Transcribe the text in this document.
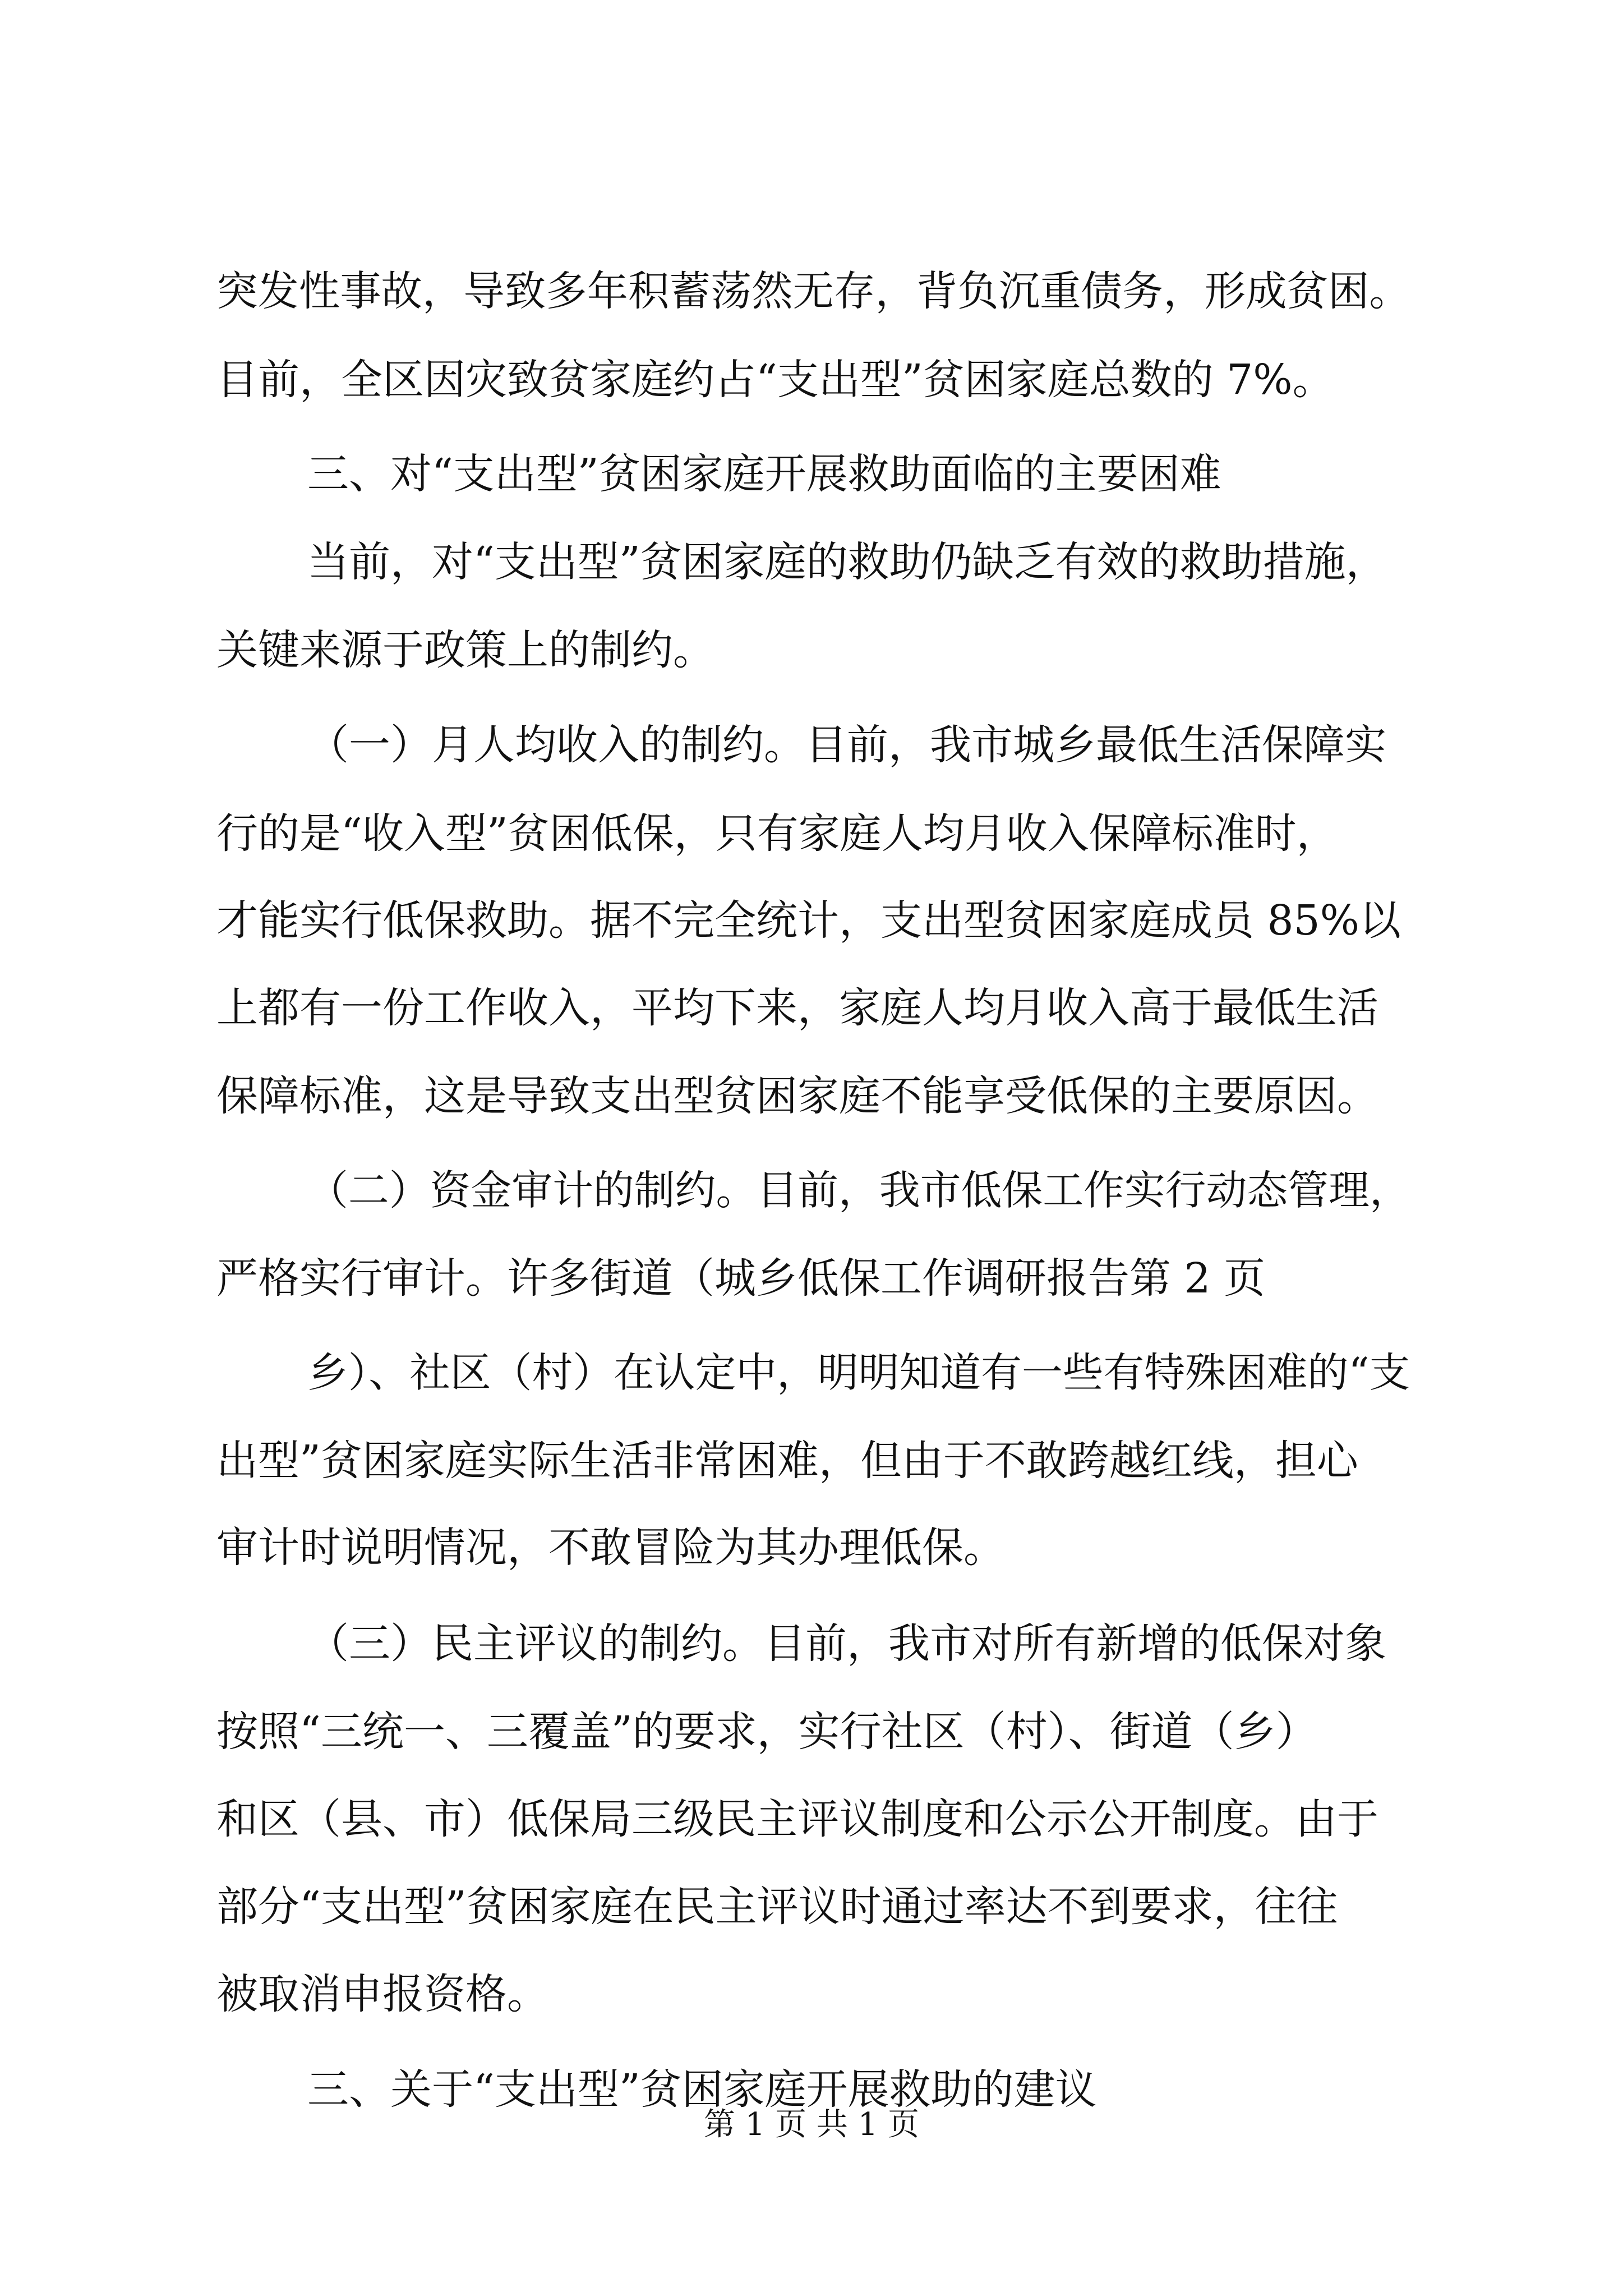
突发性事故，导致多年积蓄荡然无存，背负沉重债务，形成贫困。

目前，全区因灾致贫家庭约占“支出型”贫困家庭总数的 7%。

三、对“支出型”贫困家庭开展救助面临的主要困难

当前，对“支出型”贫困家庭的救助仍缺乏有效的救助措施，

关键来源于政策上的制约。

（一）月人均收入的制约。目前，我市城乡最低生活保障实

行的是“收入型”贫困低保，只有家庭人均月收入保障标准时，

才能实行低保救助。据不完全统计，支出型贫困家庭成员 85%以

上都有一份工作收入，平均下来，家庭人均月收入高于最低生活

保障标准，这是导致支出型贫困家庭不能享受低保的主要原因。

（二）资金审计的制约。目前，我市低保工作实行动态管理，

严格实行审计。许多街道（城乡低保工作调研报告第 2 页

乡）、社区（村）在认定中，明明知道有一些有特殊困难的“支

出型”贫困家庭实际生活非常困难，但由于不敢跨越红线，担心

审计时说明情况，不敢冒险为其办理低保。

（三）民主评议的制约。目前，我市对所有新增的低保对象

按照“三统一、三覆盖”的要求，实行社区（村）、街道（乡）

和区（县、市）低保局三级民主评议制度和公示公开制度。由于

部分“支出型”贫困家庭在民主评议时通过率达不到要求，往往

被取消申报资格。

三、关于“支出型”贫困家庭开展救助的建议

第 1 页 共 1 页
